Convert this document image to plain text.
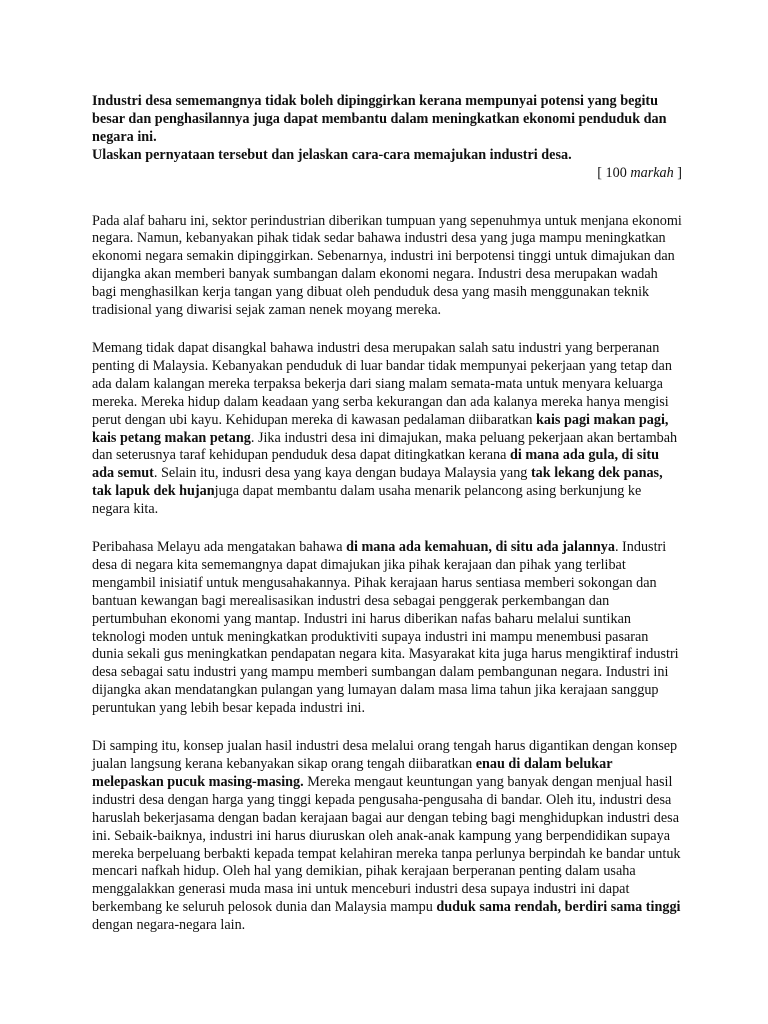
Industri desa sememangnya tidak boleh dipinggirkan kerana mempunyai potensi yang begitu besar dan penghasilannya juga dapat membantu dalam meningkatkan ekonomi penduduk dan negara ini.

Ulaskan pernyataan tersebut dan jelaskan cara-cara memajukan industri desa.

[ 100 markah ]

Pada alaf baharu ini, sektor perindustrian diberikan tumpuan yang sepenuhmya untuk menjana ekonomi negara. Namun, kebanyakan pihak tidak sedar bahawa industri desa yang juga mampu meningkatkan ekonomi negara semakin dipinggirkan. Sebenarnya, industri ini berpotensi tinggi untuk dimajukan dan dijangka akan memberi banyak sumbangan dalam ekonomi negara. Industri desa merupakan wadah bagi menghasilkan kerja tangan yang dibuat oleh penduduk desa yang masih menggunakan teknik tradisional yang diwarisi sejak zaman nenek moyang mereka.

Memang tidak dapat disangkal bahawa industri desa merupakan salah satu industri yang berperanan penting di Malaysia. Kebanyakan penduduk di luar bandar tidak mempunyai pekerjaan yang tetap dan ada dalam kalangan mereka terpaksa bekerja dari siang malam semata-mata untuk menyara keluarga mereka. Mereka hidup dalam keadaan yang serba kekurangan dan ada kalanya mereka hanya mengisi perut dengan ubi kayu. Kehidupan mereka di kawasan pedalaman diibaratkan kais pagi makan pagi, kais petang makan petang. Jika industri desa ini dimajukan, maka peluang pekerjaan akan bertambah dan seterusnya taraf kehidupan penduduk desa dapat ditingkatkan kerana di mana ada gula, di situ ada semut. Selain itu, indusri desa yang kaya dengan budaya Malaysia yang tak lekang dek panas, tak lapuk dek hujanjuga dapat membantu dalam usaha menarik pelancong asing berkunjung ke negara kita.

Peribahasa Melayu ada mengatakan bahawa di mana ada kemahuan, di situ ada jalannya. Industri desa di negara kita sememangnya dapat dimajukan jika pihak kerajaan dan pihak yang terlibat mengambil inisiatif untuk mengusahakannya. Pihak kerajaan harus sentiasa memberi sokongan dan bantuan kewangan bagi merealisasikan industri desa sebagai penggerak perkembangan dan pertumbuhan ekonomi yang mantap. Industri ini harus diberikan nafas baharu melalui suntikan teknologi moden untuk meningkatkan produktiviti supaya industri ini mampu menembusi pasaran dunia sekali gus meningkatkan pendapatan negara kita. Masyarakat kita juga harus mengiktiraf industri desa sebagai satu industri yang mampu memberi sumbangan dalam pembangunan negara. Industri ini dijangka akan mendatangkan pulangan yang lumayan dalam masa lima tahun jika kerajaan sanggup peruntukan yang lebih besar kepada industri ini.

Di samping itu, konsep jualan hasil industri desa melalui orang tengah harus digantikan dengan konsep jualan langsung kerana kebanyakan sikap orang tengah diibaratkan enau di dalam belukar melepaskan pucuk masing-masing. Mereka mengaut keuntungan yang banyak dengan menjual hasil industri desa dengan harga yang tinggi kepada pengusaha-pengusaha di bandar. Oleh itu, industri desa haruslah bekerjasama dengan badan kerajaan bagai aur dengan tebing bagi menghidupkan industri desa ini. Sebaik-baiknya, industri ini harus diuruskan oleh anak-anak kampung yang berpendidikan supaya mereka berpeluang berbakti kepada tempat kelahiran mereka tanpa perlunya berpindah ke bandar untuk mencari nafkah hidup. Oleh hal yang demikian, pihak kerajaan berperanan penting dalam usaha menggalakkan generasi muda masa ini untuk menceburi industri desa supaya industri ini dapat berkembang ke seluruh pelosok dunia dan Malaysia mampu duduk sama rendah, berdiri sama tinggi dengan negara-negara lain.
